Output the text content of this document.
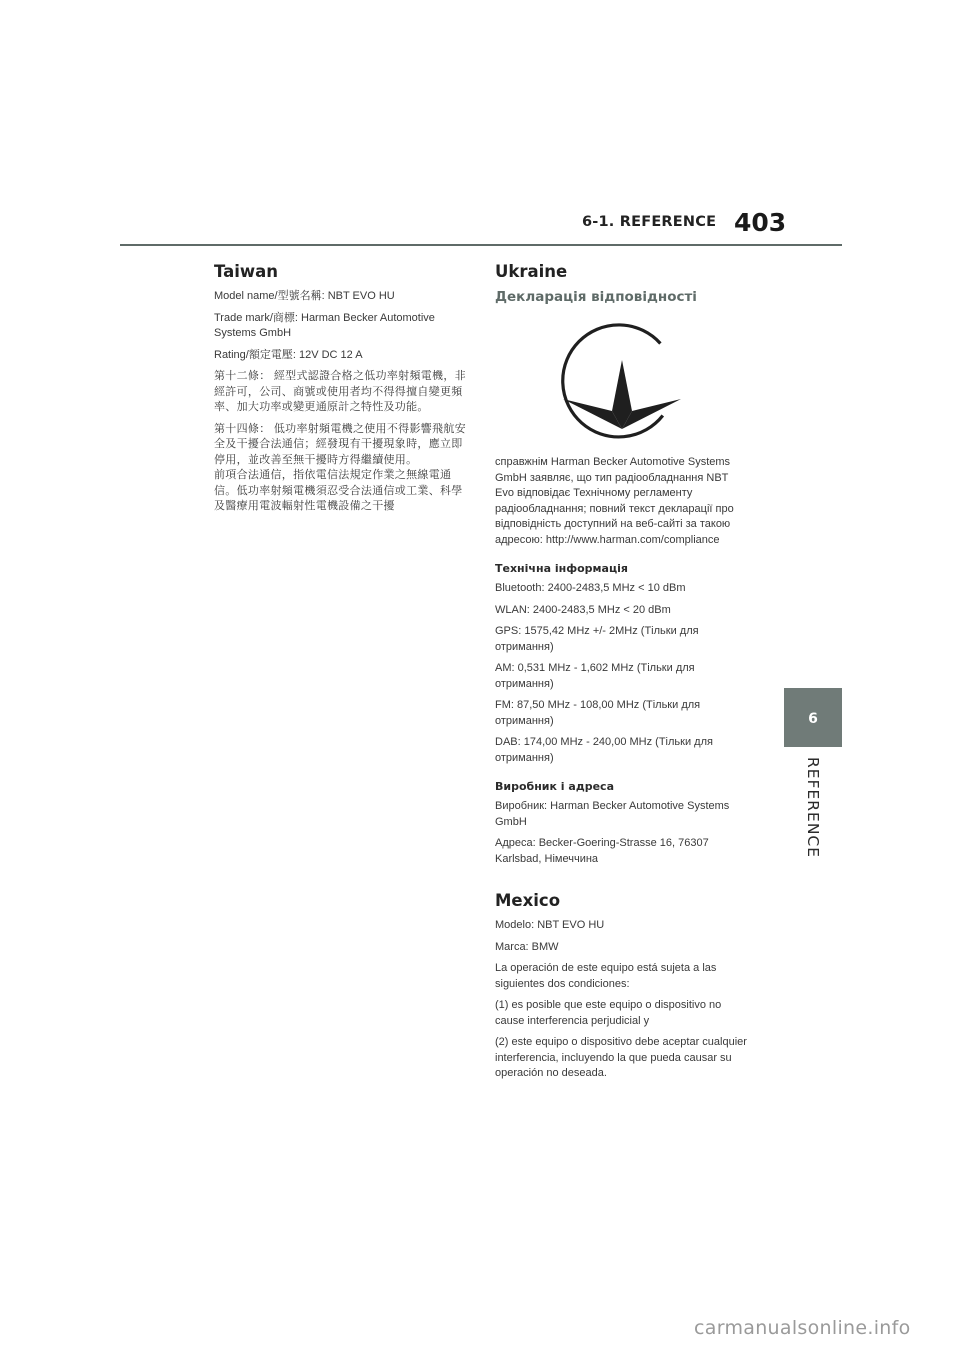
6-1. REFERENCE 403
6
REFERENCE
Taiwan

Model name/型號名稱: NBT EVO HU

Trade mark/商標: Harman Becker Automotive Systems GmbH

Rating/額定電壓: 12V DC 12 A

第十二條： 經型式認證合格之低功率射頻電機，非經許可，公司、商號或使用者均不得得擅自變更頻率、加大功率或變更通原計之特性及功能。

第十四條： 低功率射頻電機之使用不得影響飛航安全及干擾合法通信；經發現有干擾現象時，應立即停用，並改善至無干擾時方得繼續使用。

前項合法通信，指依電信法規定作業之無線電通信。低功率射頻電機須忍受合法通信或工業、科學及醫療用電波輻射性電機設備之干擾

Ukraine
Декларація відповідності

справжнім Harman Becker Automotive Systems GmbH заявляє, що тип радіообладнання NBT Evo відповідає Технічному регламенту радіообладнання; повний текст декларації про відповідність доступний на веб-сайті за такою адресою: http://www.harman.com/compliance

Технічна інформація

Bluetooth: 2400-2483,5 MHz < 10 dBm

WLAN: 2400-2483,5 MHz < 20 dBm

GPS: 1575,42 MHz +/- 2MHz (Тільки для отримання)

AM: 0,531 MHz - 1,602 MHz (Тільки для отримання)

FM: 87,50 MHz - 108,00 MHz (Тільки для отримання)

DAB: 174,00 MHz - 240,00 MHz (Тільки для отримання)

Виробник і адреса

Виробник: Harman Becker Automotive Systems GmbH

Адреса: Becker-Goering-Strasse 16, 76307 Karlsbad, Німеччина

Mexico

Modelo: NBT EVO HU

Marca: BMW

La operación de este equipo está sujeta a las siguientes dos condiciones:

(1) es posible que este equipo o dispositivo no cause interferencia perjudicial y

(2) este equipo o dispositivo debe aceptar cualquier interferencia, incluyendo la que pueda causar su operación no deseada.

carmanualsonline.info
